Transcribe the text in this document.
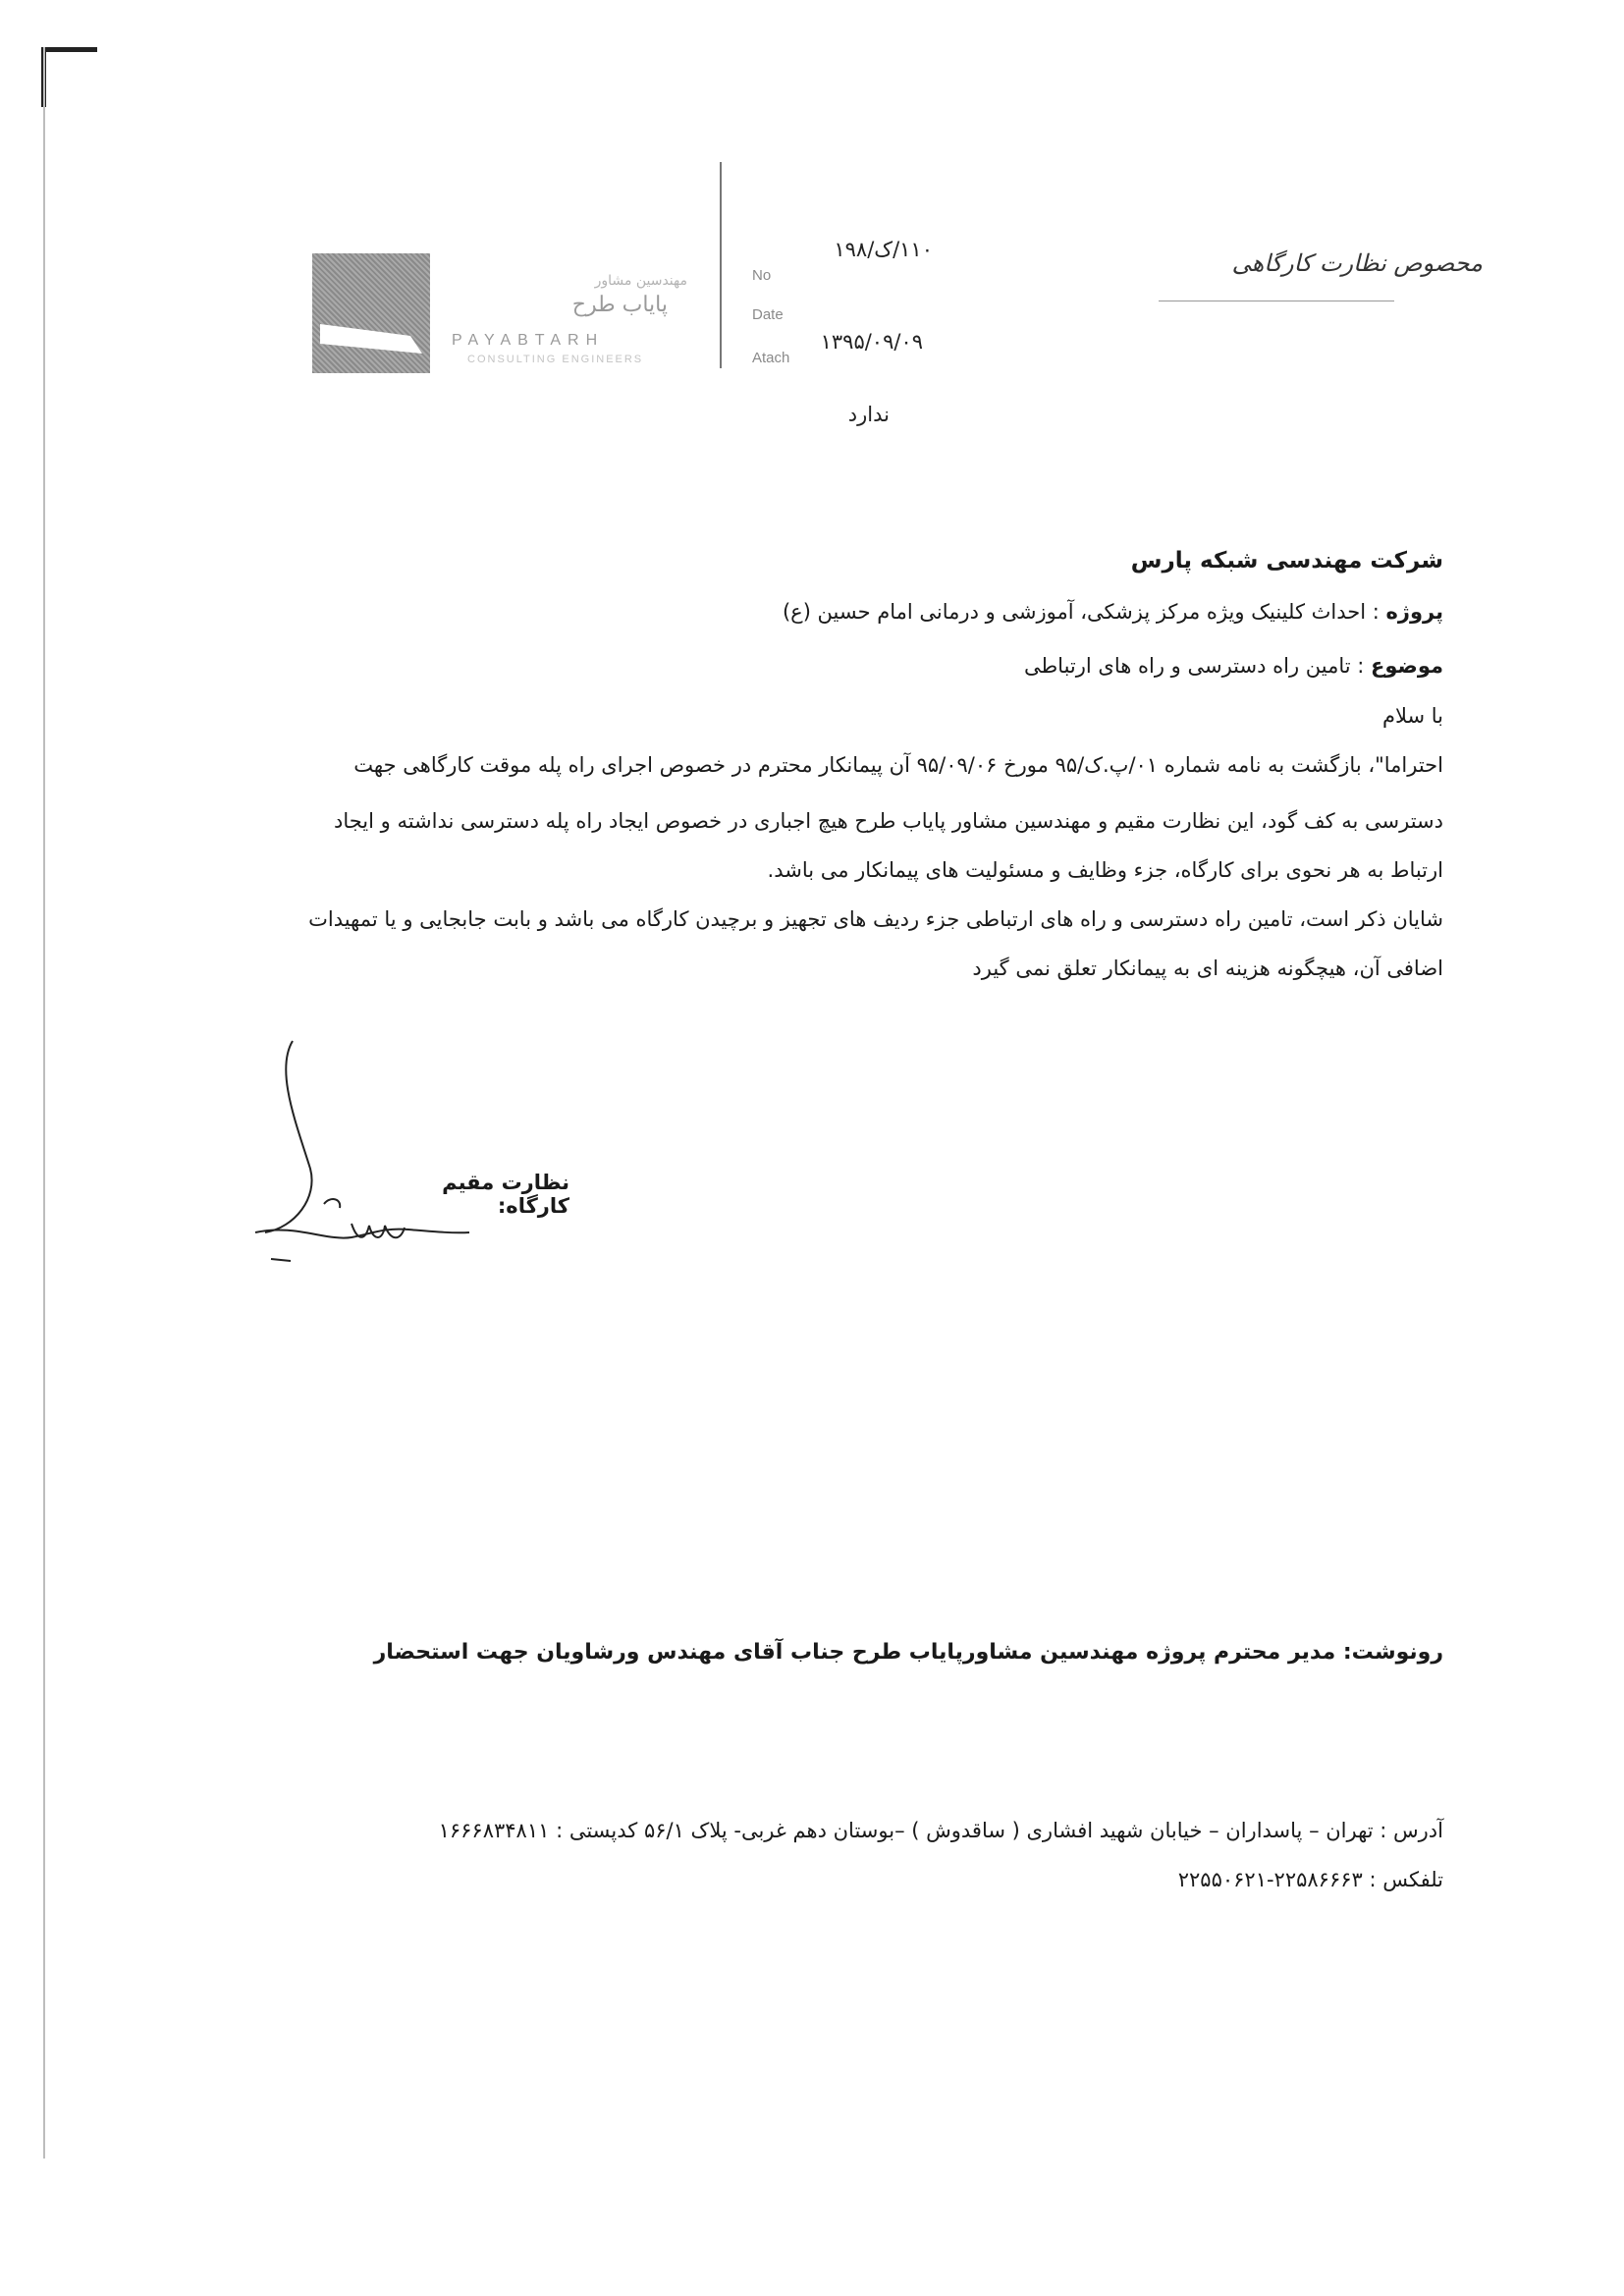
مهندسین مشاور
پایاب طرح
PAYABTARH
CONSULTING ENGINEERS
No
Date
Atach
۱۱۰/ک/۱۹۸
۱۳۹۵/۰۹/۰۹
ندارد
محصوص نظارت کارگاهی
شرکت مهندسی شبکه پارس
پروژه : احداث کلینیک ویژه مرکز پزشکی، آموزشی و درمانی امام حسین (ع)
موضوع : تامین راه دسترسی و راه های ارتباطی
با سلام
احتراما"، بازگشت به نامه شماره ۰۱/پ.ک/۹۵ مورخ ۹۵/۰۹/۰۶ آن پیمانکار محترم در خصوص اجرای راه پله موقت کارگاهی جهت
دسترسی به کف گود، این نظارت مقیم و مهندسین مشاور پایاب طرح هیچ اجباری در خصوص ایجاد راه پله دسترسی نداشته و ایجاد
ارتباط به هر نحوی برای کارگاه، جزء وظایف و مسئولیت های پیمانکار می باشد.
شایان ذکر است، تامین راه دسترسی و راه های ارتباطی جزء ردیف های تجهیز و برچیدن کارگاه می باشد و بابت جابجایی و یا تمهیدات
اضافی آن، هیچگونه هزینه ای به پیمانکار تعلق نمی گیرد
نظارت مقیم کارگاه:
رونوشت: مدیر محترم پروژه مهندسین مشاورپایاب طرح جناب آقای مهندس ورشاویان جهت استحضار
آدرس : تهران – پاسداران – خیابان شهید افشاری ( ساقدوش ) –بوستان دهم غربی- پلاک ۵۶/۱ کدپستی : ۱۶۶۶۸۳۴۸۱۱
تلفکس : ۲۲۵۸۶۶۶۳-۲۲۵۵۰۶۲۱
